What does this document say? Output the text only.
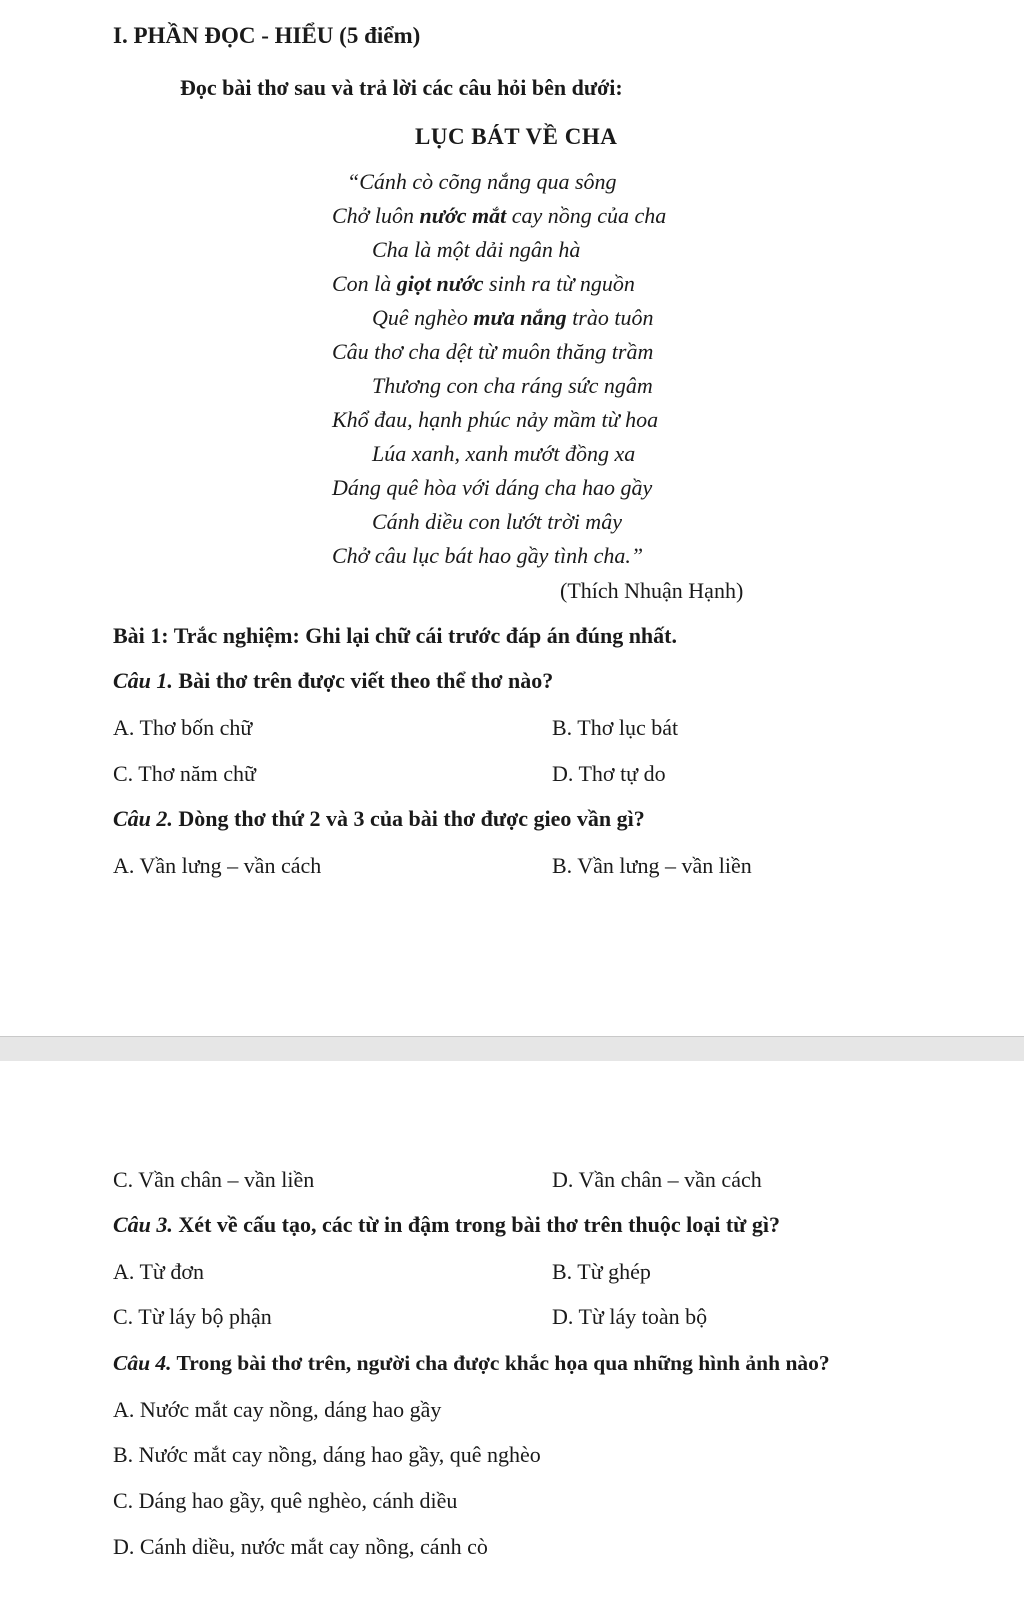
I. PHẦN ĐỌC - HIỂU (5 điểm)
Đọc bài thơ sau và trả lời các câu hỏi bên dưới:
LỤC BÁT VỀ CHA
“Cánh cò cõng nắng qua sông
Chở luôn nước mắt cay nồng của cha
Cha là một dải ngân hà
Con là giọt nước sinh ra từ nguồn
Quê nghèo mưa nắng trào tuôn
Câu thơ cha dệt từ muôn thăng trầm
Thương con cha ráng sức ngâm
Khổ đau, hạnh phúc nảy mầm từ hoa
Lúa xanh, xanh mướt đồng xa
Dáng quê hòa với dáng cha hao gầy
Cánh diều con lướt trời mây
Chở câu lục bát hao gầy tình cha.”
(Thích Nhuận Hạnh)
Bài 1: Trắc nghiệm: Ghi lại chữ cái trước đáp án đúng nhất.
Câu 1. Bài thơ trên được viết theo thể thơ nào?
A. Thơ bốn chữ	B. Thơ lục bát
C. Thơ năm chữ	D. Thơ tự do
Câu 2. Dòng thơ thứ 2 và 3 của bài thơ được gieo vần gì?
A. Vần lưng – vần cách	B. Vần lưng – vần liền
C. Vần chân – vần liền	D. Vần chân – vần cách
Câu 3. Xét về cấu tạo, các từ in đậm trong bài thơ trên thuộc loại từ gì?
A. Từ đơn	B. Từ ghép
C. Từ láy bộ phận	D. Từ láy toàn bộ
Câu 4. Trong bài thơ trên, người cha được khắc họa qua những hình ảnh nào?
A. Nước mắt cay nồng, dáng hao gầy
B. Nước mắt cay nồng, dáng hao gầy, quê nghèo
C. Dáng hao gầy, quê nghèo, cánh diều
D. Cánh diều, nước mắt cay nồng, cánh cò
